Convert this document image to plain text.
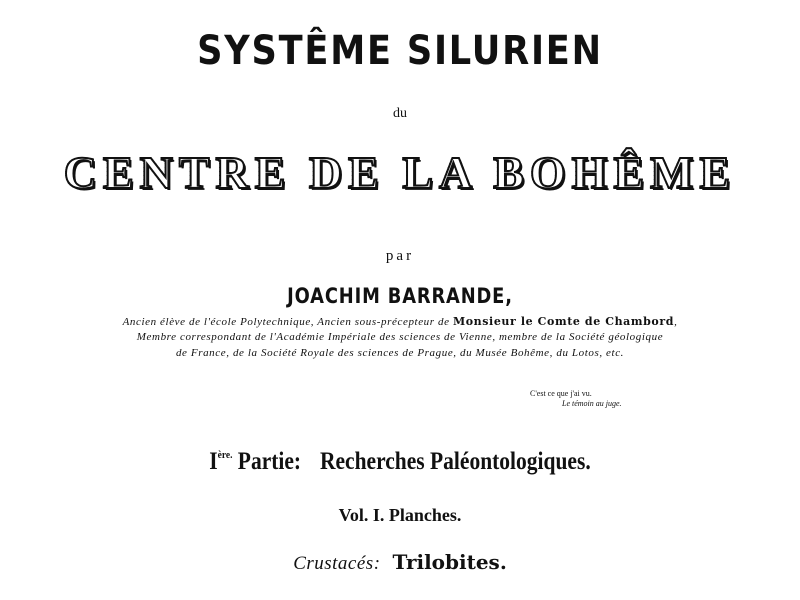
SYSTÊME SILURIEN
du
CENTRE DE LA BOHÊME
par
JOACHIM BARRANDE,
Ancien élève de l'école Polytechnique, Ancien sous-précepteur de Monsieur le Comte de Chambord,
Membre correspondant de l'Académie Impériale des sciences de Vienne, membre de la Société géologique
de France, de la Société Royale des sciences de Prague, du Musée Bohême, du Lotos, etc.
C'est ce que j'ai vu.
Le témoin au juge.
$I^{ère.}$ Partie: Recherches Paléontologiques.
Vol. I. Planches.
Crustacés: Trilobites.
